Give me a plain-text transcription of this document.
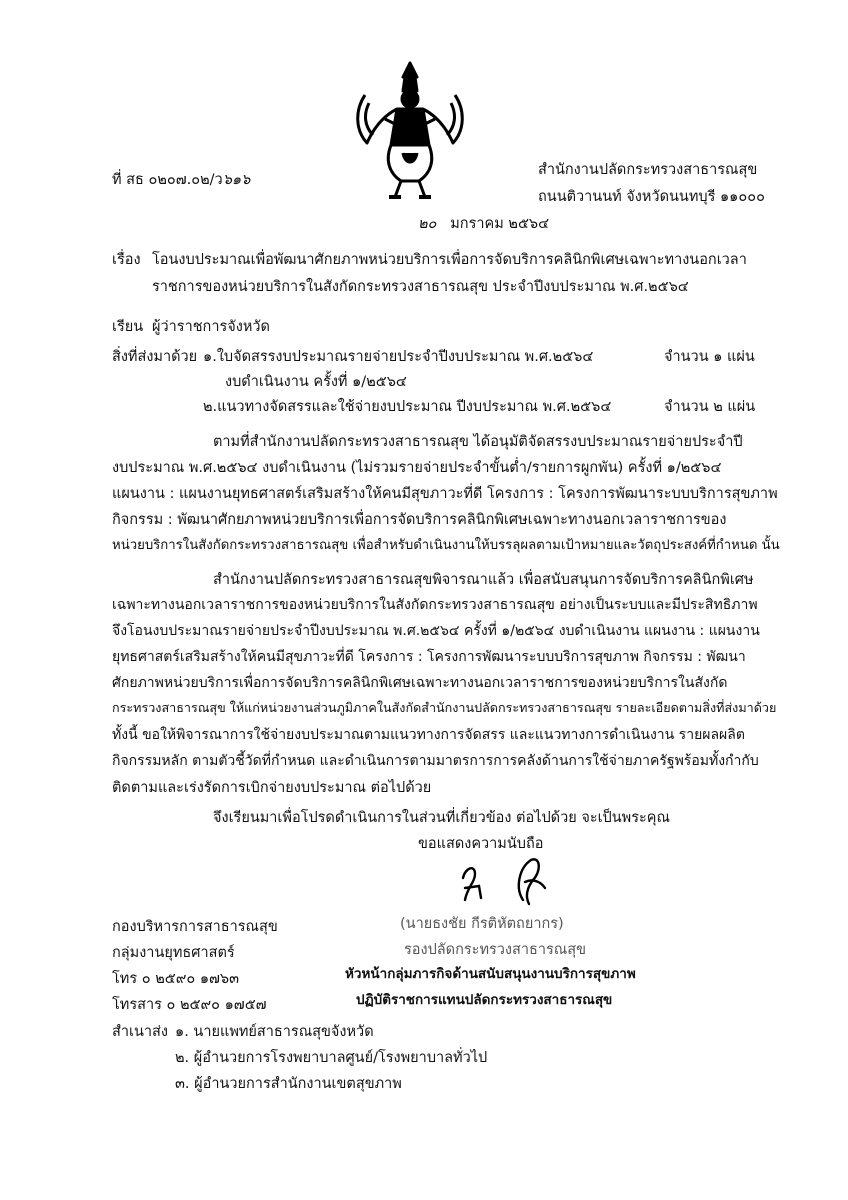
ที่ สธ ๐๒๐๗.๐๒/ว๖๑๖
สำนักงานปลัดกระทรวงสาธารณสุข
ถนนติวานนท์ จังหวัดนนทบุรี ๑๑๐๐๐
๒๐ มกราคม ๒๕๖๔
เรื่อง โอนงบประมาณเพื่อพัฒนาศักยภาพหน่วยบริการเพื่อการจัดบริการคลินิกพิเศษเฉพาะทางนอกเวลา
ราชการของหน่วยบริการในสังกัดกระทรวงสาธารณสุข ประจำปีงบประมาณ พ.ศ.๒๕๖๔
เรียน ผู้ว่าราชการจังหวัด
สิ่งที่ส่งมาด้วย ๑.ใบจัดสรรงบประมาณรายจ่ายประจำปีงบประมาณ พ.ศ.๒๕๖๔	จำนวน ๑ แผ่น
งบดำเนินงาน ครั้งที่ ๑/๒๕๖๔
๒.แนวทางจัดสรรและใช้จ่ายงบประมาณ ปีงบประมาณ พ.ศ.๒๕๖๔	จำนวน ๒ แผ่น
ตามที่สำนักงานปลัดกระทรวงสาธารณสุข ได้อนุมัติจัดสรรงบประมาณรายจ่ายประจำปี
งบประมาณ พ.ศ.๒๕๖๔ งบดำเนินงาน (ไม่รวมรายจ่ายประจำขั้นต่ำ/รายการผูกพัน) ครั้งที่ ๑/๒๕๖๔
แผนงาน : แผนงานยุทธศาสตร์เสริมสร้างให้คนมีสุขภาวะที่ดี โครงการ : โครงการพัฒนาระบบบริการสุขภาพ
กิจกรรม : พัฒนาศักยภาพหน่วยบริการเพื่อการจัดบริการคลินิกพิเศษเฉพาะทางนอกเวลาราชการของ
หน่วยบริการในสังกัดกระทรวงสาธารณสุข เพื่อสำหรับดำเนินงานให้บรรลุผลตามเป้าหมายและวัตถุประสงค์ที่กำหนด นั้น
สำนักงานปลัดกระทรวงสาธารณสุขพิจารณาแล้ว เพื่อสนับสนุนการจัดบริการคลินิกพิเศษ
เฉพาะทางนอกเวลาราชการของหน่วยบริการในสังกัดกระทรวงสาธารณสุข อย่างเป็นระบบและมีประสิทธิภาพ
จึงโอนงบประมาณรายจ่ายประจำปีงบประมาณ พ.ศ.๒๕๖๔ ครั้งที่ ๑/๒๕๖๔ งบดำเนินงาน แผนงาน : แผนงาน
ยุทธศาสตร์เสริมสร้างให้คนมีสุขภาวะที่ดี โครงการ : โครงการพัฒนาระบบบริการสุขภาพ กิจกรรม : พัฒนา
ศักยภาพหน่วยบริการเพื่อการจัดบริการคลินิกพิเศษเฉพาะทางนอกเวลาราชการของหน่วยบริการในสังกัด
กระทรวงสาธารณสุข ให้แก่หน่วยงานส่วนภูมิภาคในสังกัดสำนักงานปลัดกระทรวงสาธารณสุข รายละเอียดตามสิ่งที่ส่งมาด้วย
ทั้งนี้ ขอให้พิจารณาการใช้จ่ายงบประมาณตามแนวทางการจัดสรร และแนวทางการดำเนินงาน รายผลผลิต
กิจกรรมหลัก ตามตัวชี้วัดที่กำหนด และดำเนินการตามมาตรการการคลังด้านการใช้จ่ายภาครัฐพร้อมทั้งกำกับ
ติดตามและเร่งรัดการเบิกจ่ายงบประมาณ ต่อไปด้วย
จึงเรียนมาเพื่อโปรดดำเนินการในส่วนที่เกี่ยวข้อง ต่อไปด้วย จะเป็นพระคุณ
ขอแสดงความนับถือ
(นายธงชัย กีรติหัตถยากร)
รองปลัดกระทรวงสาธารณสุข
หัวหน้ากลุ่มภารกิจด้านสนับสนุนงานบริการสุขภาพ
ปฏิบัติราชการแทนปลัดกระทรวงสาธารณสุข
กองบริหารการสาธารณสุข
กลุ่มงานยุทธศาสตร์
โทร ๐ ๒๕๙๐ ๑๗๖๓
โทรสาร ๐ ๒๕๙๐ ๑๗๕๗
สำเนาส่ง ๑. นายแพทย์สาธารณสุขจังหวัด
๒. ผู้อำนวยการโรงพยาบาลศูนย์/โรงพยาบาลทั่วไป
๓. ผู้อำนวยการสำนักงานเขตสุขภาพ
